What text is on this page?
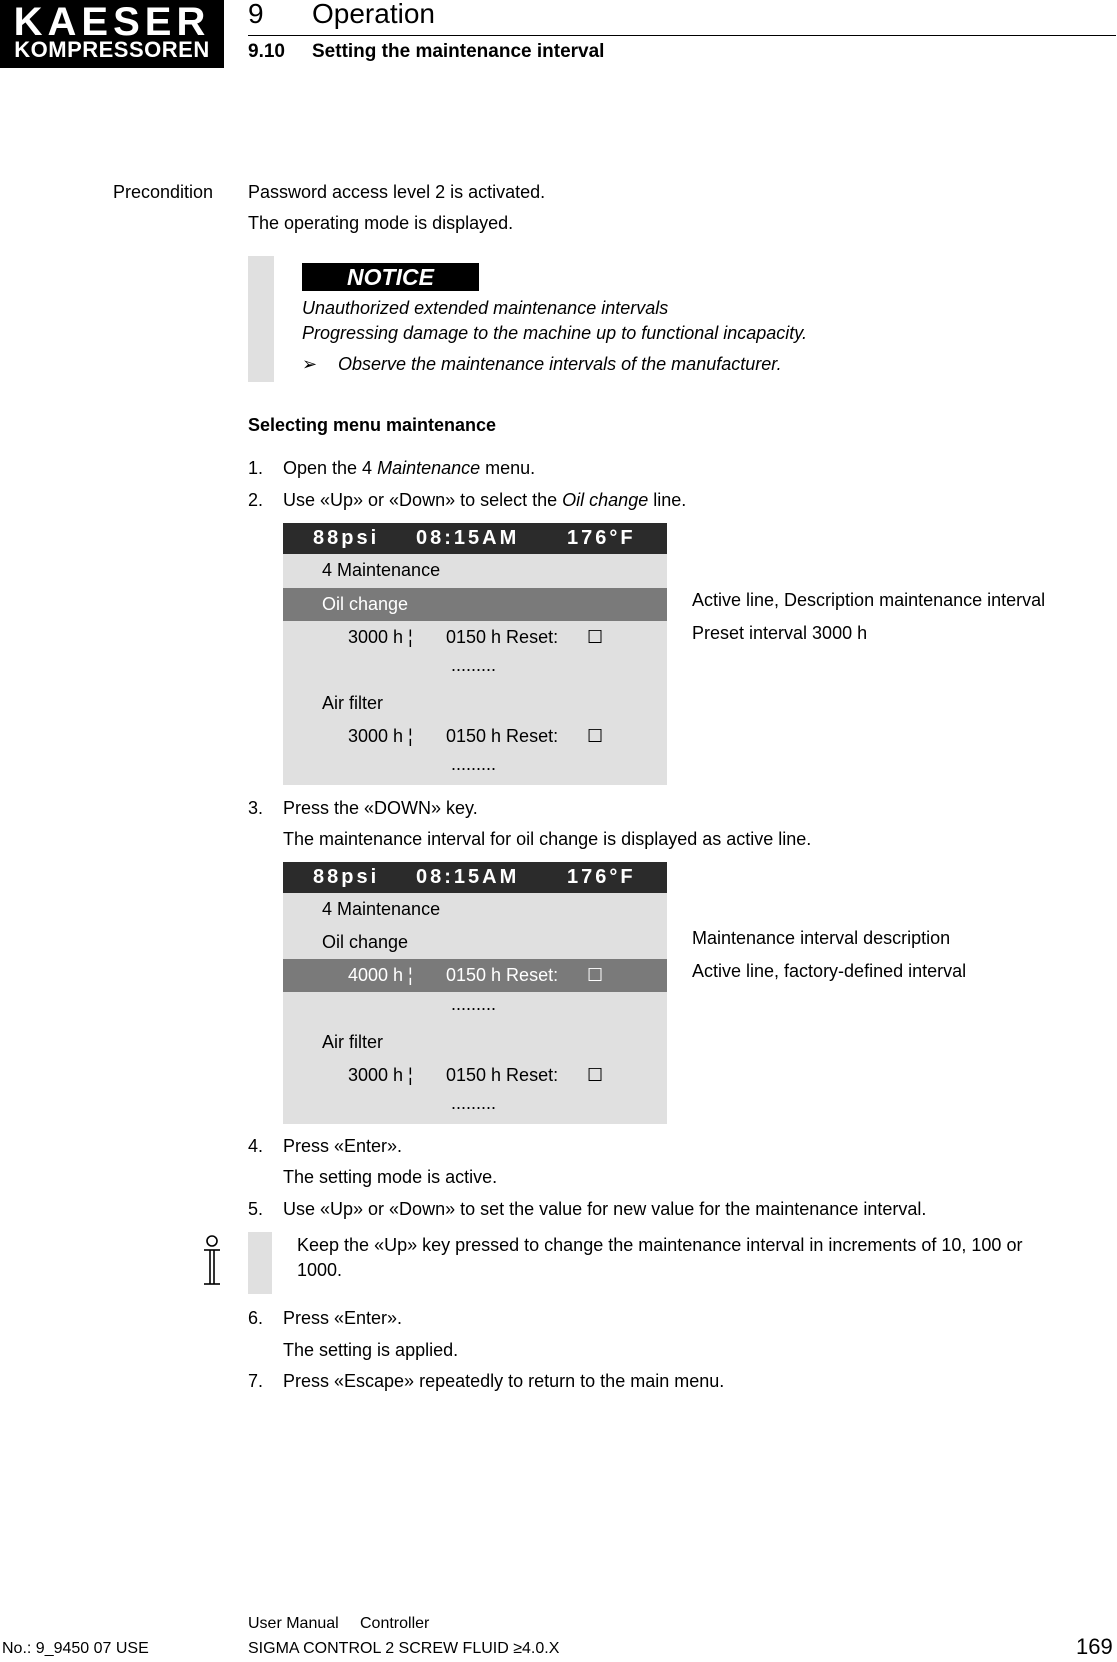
KAESER
KOMPRESSOREN
9 Operation
9.10 Setting the maintenance interval
Precondition Password access level 2 is activated.
The operating mode is displayed.
NOTICE
Unauthorized extended maintenance intervals
Progressing damage to the machine up to functional incapacity.
➢ Observe the maintenance intervals of the manufacturer.
Selecting menu maintenance
1. Open the 4 Maintenance menu.
2. Use «Up» or «Down» to select the Oil change line.
88psi 08:15AM 176°F
4 Maintenance
Oil change
3000 h ¦ 0150 h Reset: ☐
.........
Air filter
3000 h ¦ 0150 h Reset: ☐
.........
Active line, Description maintenance interval
Preset interval 3000 h
3. Press the «DOWN» key.
The maintenance interval for oil change is displayed as active line.
88psi 08:15AM 176°F
4 Maintenance
Oil change
4000 h ¦ 0150 h Reset: ☐
.........
Air filter
3000 h ¦ 0150 h Reset: ☐
.........
Maintenance interval description
Active line, factory-defined interval
4. Press «Enter».
The setting mode is active.
5. Use «Up» or «Down» to set the value for new value for the maintenance interval.
Keep the «Up» key pressed to change the maintenance interval in increments of 10, 100 or
1000.
6. Press «Enter».
The setting is applied.
7. Press «Escape» repeatedly to return to the main menu.
User Manual Controller
No.: 9_9450 07 USE	SIGMA CONTROL 2 SCREW FLUID ≥4.0.X	169
